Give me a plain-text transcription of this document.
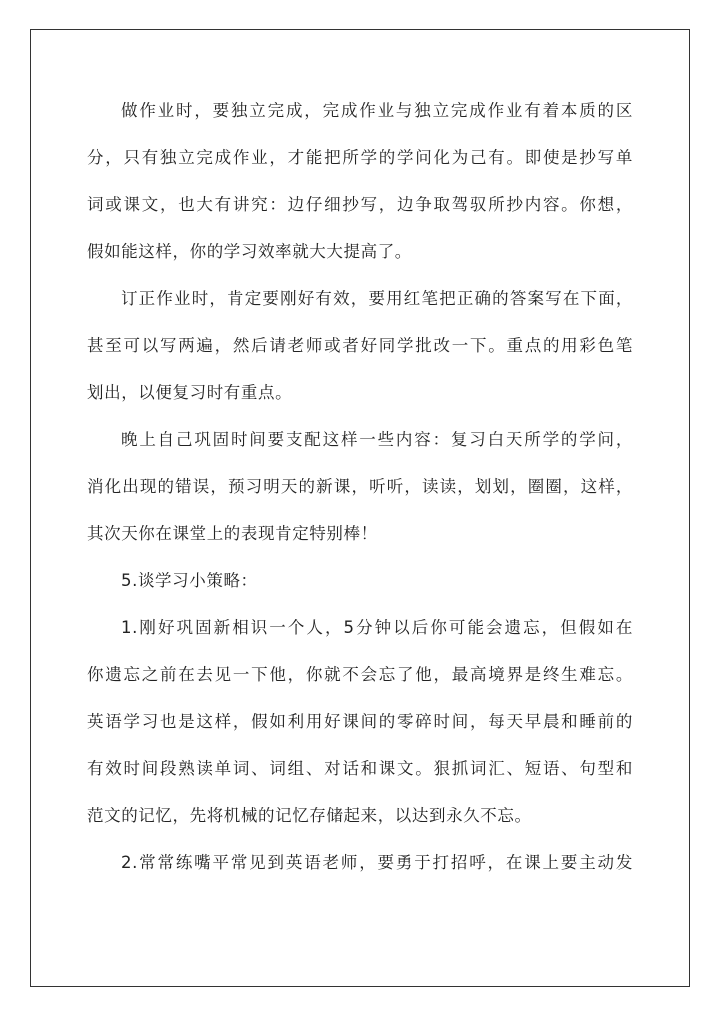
做作业时，要独立完成，完成作业与独立完成作业有着本质的区
分，只有独立完成作业，才能把所学的学问化为己有。即使是抄写单
词或课文，也大有讲究：边仔细抄写，边争取驾驭所抄内容。你想，
假如能这样，你的学习效率就大大提高了。
订正作业时，肯定要刚好有效，要用红笔把正确的答案写在下面，
甚至可以写两遍，然后请老师或者好同学批改一下。重点的用彩色笔
划出，以便复习时有重点。
晚上自己巩固时间要支配这样一些内容：复习白天所学的学问，
消化出现的错误，预习明天的新课，听听，读读，划划，圈圈，这样，
其次天你在课堂上的表现肯定特别棒！
5.谈学习小策略：
1.刚好巩固新相识一个人，5分钟以后你可能会遗忘，但假如在
你遗忘之前在去见一下他，你就不会忘了他，最高境界是终生难忘。
英语学习也是这样，假如利用好课间的零碎时间，每天早晨和睡前的
有效时间段熟读单词、词组、对话和课文。狠抓词汇、短语、句型和
范文的记忆，先将机械的记忆存储起来，以达到永久不忘。
2.常常练嘴平常见到英语老师，要勇于打招呼，在课上要主动发
